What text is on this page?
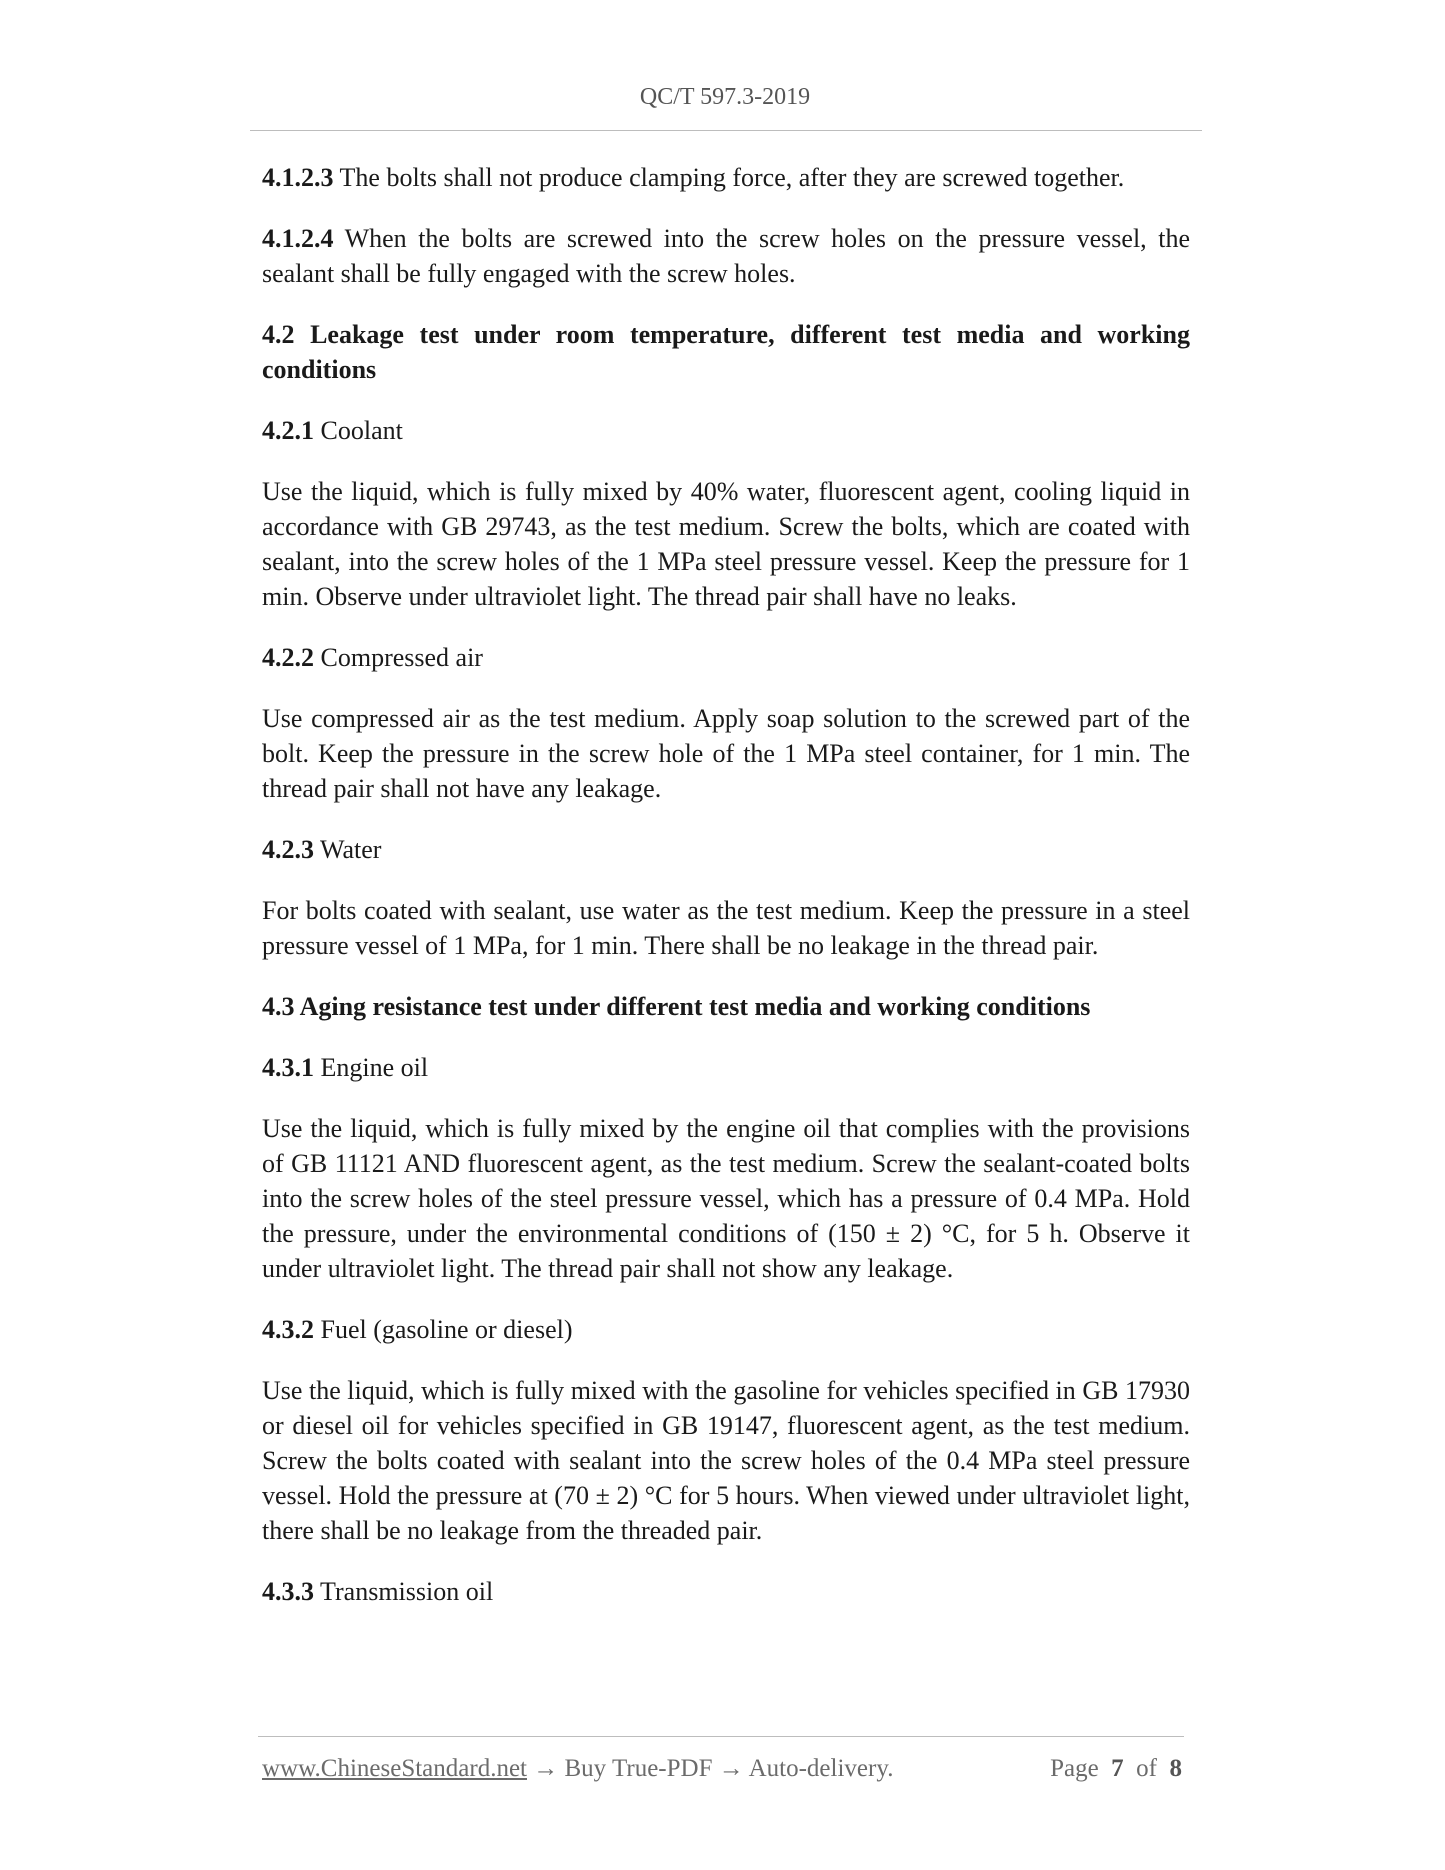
QC/T 597.3-2019

4.1.2.3 The bolts shall not produce clamping force, after they are screwed together.

4.1.2.4 When the bolts are screwed into the screw holes on the pressure vessel, the sealant shall be fully engaged with the screw holes.

4.2 Leakage test under room temperature, different test media and working conditions

4.2.1 Coolant

Use the liquid, which is fully mixed by 40% water, fluorescent agent, cooling liquid in accordance with GB 29743, as the test medium. Screw the bolts, which are coated with sealant, into the screw holes of the 1 MPa steel pressure vessel. Keep the pressure for 1 min. Observe under ultraviolet light. The thread pair shall have no leaks.

4.2.2 Compressed air

Use compressed air as the test medium. Apply soap solution to the screwed part of the bolt. Keep the pressure in the screw hole of the 1 MPa steel container, for 1 min. The thread pair shall not have any leakage.

4.2.3 Water

For bolts coated with sealant, use water as the test medium. Keep the pressure in a steel pressure vessel of 1 MPa, for 1 min. There shall be no leakage in the thread pair.

4.3 Aging resistance test under different test media and working conditions

4.3.1 Engine oil

Use the liquid, which is fully mixed by the engine oil that complies with the provisions of GB 11121 AND fluorescent agent, as the test medium. Screw the sealant-coated bolts into the screw holes of the steel pressure vessel, which has a pressure of 0.4 MPa. Hold the pressure, under the environmental conditions of (150 ± 2) °C, for 5 h. Observe it under ultraviolet light. The thread pair shall not show any leakage.

4.3.2 Fuel (gasoline or diesel)

Use the liquid, which is fully mixed with the gasoline for vehicles specified in GB 17930 or diesel oil for vehicles specified in GB 19147, fluorescent agent, as the test medium. Screw the bolts coated with sealant into the screw holes of the 0.4 MPa steel pressure vessel. Hold the pressure at (70 ± 2) °C for 5 hours. When viewed under ultraviolet light, there shall be no leakage from the threaded pair.

4.3.3 Transmission oil

www.ChineseStandard.net → Buy True-PDF → Auto-delivery.	Page 7 of 8
